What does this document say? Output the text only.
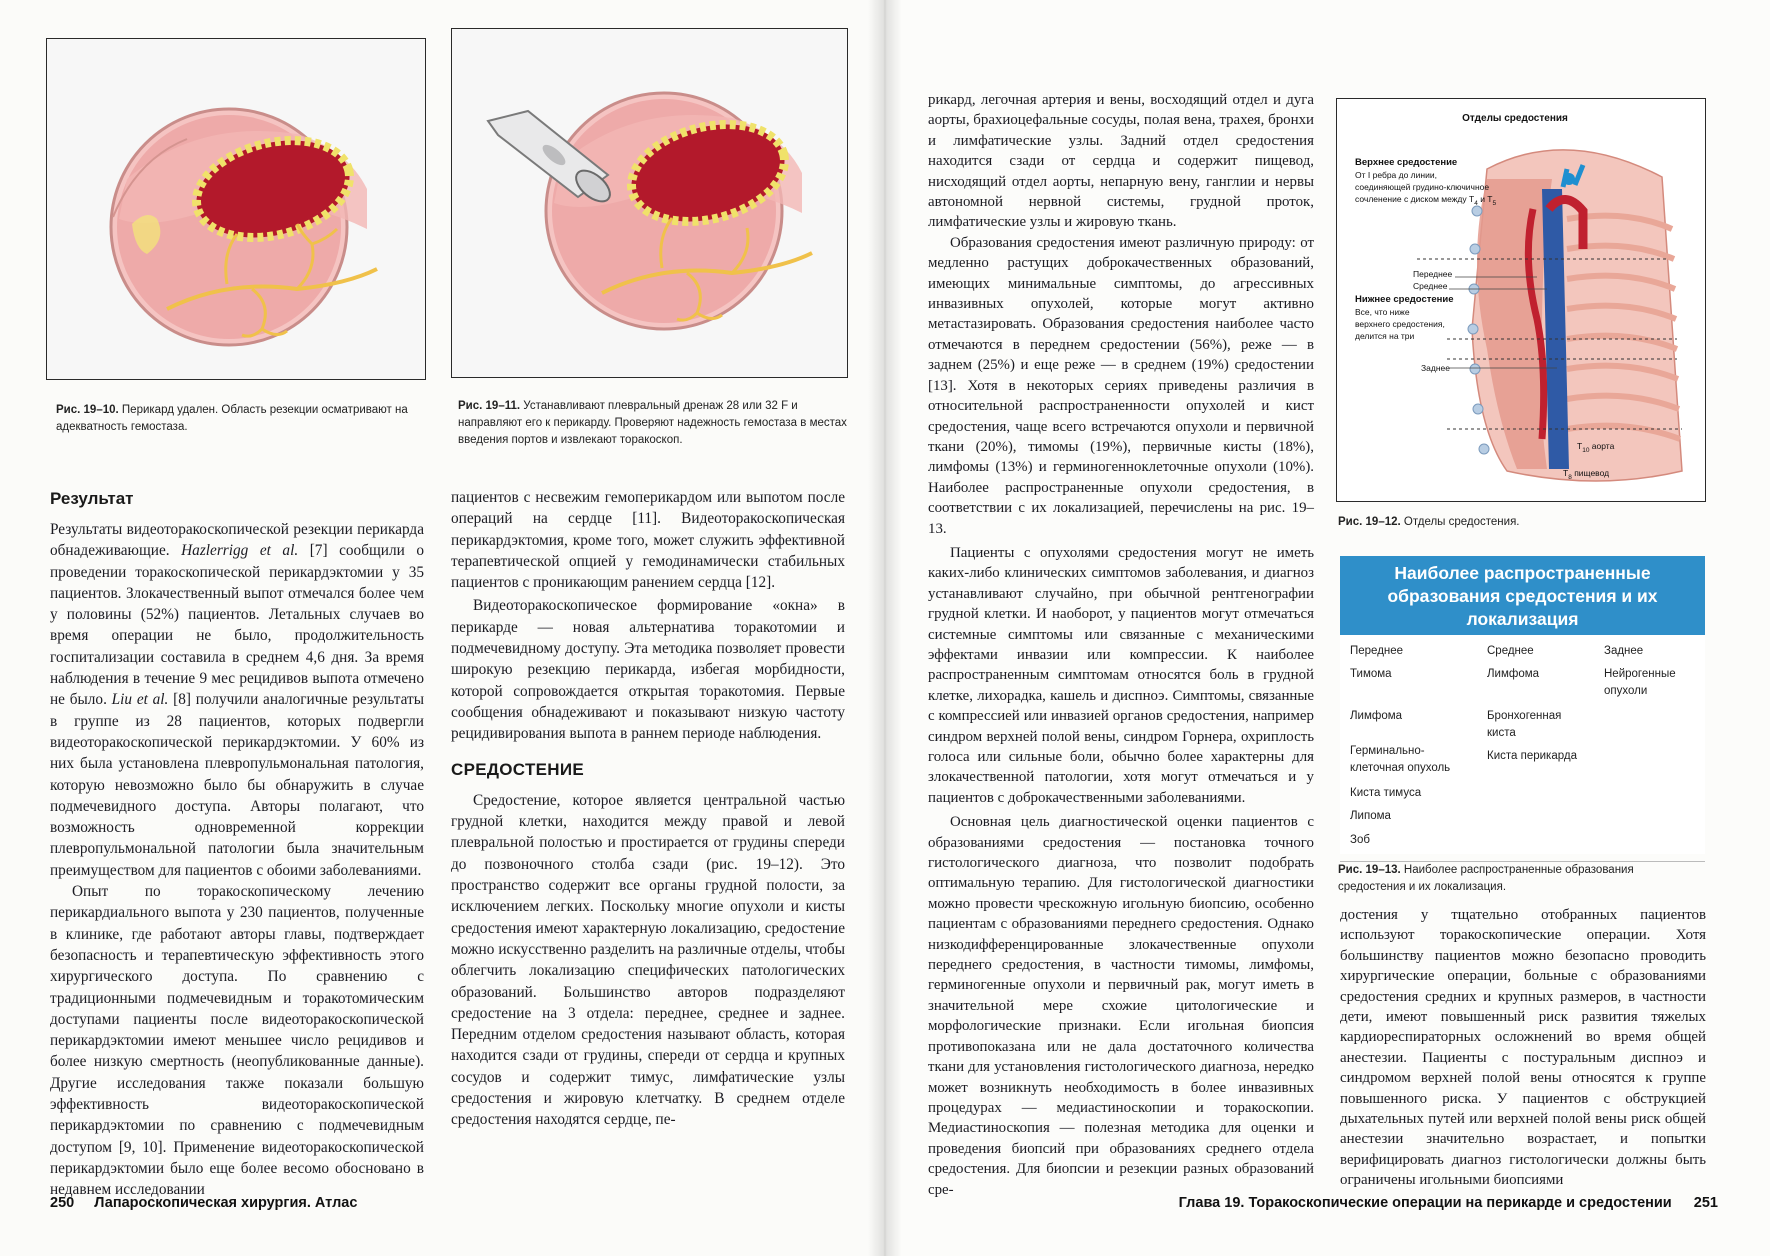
Рис. 19–10. Перикард удален. Область резекции осматривают на адекватность гемостаза.
Рис. 19–11. Устанавливают плевральный дренаж 28 или 32 F и направляют его к перикарду. Проверяют надежность гемостаза в местах введения портов и извлекают торакоскоп.
Результат

Результаты видеоторакоскопической резекции перикарда обнадеживающие. Hazlerrigg et al. [7] сообщили о проведении торакоскопической перикардэктомии у 35 пациентов. Злокачественный выпот отмечался более чем у половины (52%) пациентов. Летальных случаев во время операции не было, продолжительность госпитализации составила в среднем 4,6 дня. За время наблюдения в течение 9 мес рецидивов выпота отмечено не было. Liu et al. [8] получили аналогичные результаты в группе из 28 пациентов, которых подвергли видеоторакоскопической перикардэктомии. У 60% из них была установлена плевропульмональная патология, которую невозможно было бы обнаружить в случае подмечевидного доступа. Авторы полагают, что возможность одновременной коррекции плевропульмональной патологии была значительным преимуществом для пациентов с обоими заболеваниями.

Опыт по торакоскопическому лечению перикардиального выпота у 230 пациентов, полученные в клинике, где работают авторы главы, подтверждает безопасность и терапевтическую эффективность этого хирургического доступа. По сравнению с традиционными подмечевидным и торакотомическим доступами пациенты после видеоторакоскопической перикардэктомии имеют меньшее число рецидивов и более низкую смертность (неопубликованные данные). Другие исследования также показали большую эффективность видеоторакоскопической перикардэктомии по сравнению с подмечевидным доступом [9, 10]. Применение видеоторакоскопической перикардэктомии было еще более весомо обосновано в недавнем исследовании

пациентов с несвежим гемоперикардом или выпотом после операций на сердце [11]. Видеоторакоскопическая перикардэктомия, кроме того, может служить эффективной терапевтической опцией у гемодинамически стабильных пациентов с проникающим ранением сердца [12].

Видеоторакоскопическое формирование «окна» в перикарде — новая альтернатива торакотомии и подмечевидному доступу. Эта методика позволяет провести широкую резекцию перикарда, избегая морбидности, которой сопровождается открытая торакотомия. Первые сообщения обнадеживают и показывают низкую частоту рецидивирования выпота в раннем периоде наблюдения.

СРЕДОСТЕНИЕ

Средостение, которое является центральной частью грудной клетки, находится между правой и левой плевральной полостью и простирается от грудины спереди до позвоночного столба сзади (рис. 19–12). Это пространство содержит все органы грудной полости, за исключением легких. Поскольку многие опухоли и кисты средостения имеют характерную локализацию, средостение можно искусственно разделить на различные отделы, чтобы облегчить локализацию специфических патологических образований. Большинство авторов подразделяют средостение на 3 отдела: переднее, среднее и заднее. Передним отделом средостения называют область, которая находится сзади от грудины, спереди от сердца и крупных сосудов и содержит тимус, лимфатические узлы средостения и жировую клетчатку. В среднем отделе средостения находятся сердце, пе-

250 Лапароскопическая хирургия. Атлас

рикард, легочная артерия и вены, восходящий отдел и дуга аорты, брахиоцефальные сосуды, полая вена, трахея, бронхи и лимфатические узлы. Задний отдел средостения находится сзади от сердца и содержит пищевод, нисходящий отдел аорты, непарную вену, ганглии и нервы автономной нервной системы, грудной проток, лимфатические узлы и жировую ткань.

Образования средостения имеют различную природу: от медленно растущих доброкачественных образований, имеющих минимальные симптомы, до агрессивных инвазивных опухолей, которые могут активно метастазировать. Образования средостения наиболее часто отмечаются в переднем средостении (56%), реже — в заднем (25%) и еще реже — в среднем (19%) средостении [13]. Хотя в некоторых сериях приведены различия в относительной распространенности опухолей и кист средостения, чаще всего встречаются опухоли и первичной ткани (20%), тимомы (19%), первичные кисты (18%), лимфомы (13%) и герминогенноклеточные опухоли (10%). Наиболее распространенные опухоли средостения, в соответствии с их локализацией, перечислены на рис. 19–13.

Пациенты с опухолями средостения могут не иметь каких-либо клинических симптомов заболевания, и диагноз устанавливают случайно, при обычной рентгенографии грудной клетки. И наоборот, у пациентов могут отмечаться системные симптомы или связанные с механическими эффектами инвазии или компрессии. К наиболее распространенным симптомам относятся боль в грудной клетке, лихорадка, кашель и диспноэ. Симптомы, связанные с компрессией или инвазией органов средостения, например синдром верхней полой вены, синдром Горнера, охриплость голоса или сильные боли, обычно более характерны для злокачественной патологии, хотя могут отмечаться и у пациентов с доброкачественными заболеваниями.

Основная цель диагностической оценки пациентов с образованиями средостения — постановка точного гистологического диагноза, что позволит подобрать оптимальную терапию. Для гистологической диагностики можно провести чрескожную игольную биопсию, особенно пациентам с образованиями переднего средостения. Однако низкодифференцированные злокачественные опухоли переднего средостения, в частности тимомы, лимфомы, герминогенные опухоли и первичный рак, могут иметь в значительной мере схожие цитологические и морфологические признаки. Если игольная биопсия противопоказана или не дала достаточного количества ткани для установления гистологического диагноза, нередко может возникнуть необходимость в более инвазивных процедурах — медиастиноскопии и торакоскопии. Медиастиноскопия — полезная методика для оценки и проведения биопсий при образованиях среднего отдела средостения. Для биопсии и резекции разных образований сре-

Отделы средостения
Верхнее средостение
От I ребра до линии,
соединяющей грудино-ключичное
сочленение с диском между $T_4$ и $T_5$
Переднее
Среднее
Нижнее средостение
Все, что ниже
верхнего средостения,
делится на три
Заднее
$T_{10}$ аорта
$T_8$ пищевод
Рис. 19–12. Отделы средостения.
Наиболее распространенные образования средостения и их локализация
Переднее	Среднее	Заднее
Тимома
Лимфома
Герминально-клеточная опухоль
Киста тимуса
Липома
Зоб
Лимфома
Бронхогенная киста
Киста перикарда
Нейрогенные опухоли
Рис. 19–13. Наиболее распространенные образования средостения и их локализация.

достения у тщательно отобранных пациентов используют торакоскопические операции. Хотя большинству пациентов можно безопасно проводить хирургические операции, больные с образованиями средостения средних и крупных размеров, в частности дети, имеют повышенный риск развития тяжелых кардиореспираторных осложнений во время общей анестезии. Пациенты с постуральным диспноэ и синдромом верхней полой вены относятся к группе повышенного риска. У пациентов с обструкцией дыхательных путей или верхней полой вены риск общей анестезии значительно возрастает, и попытки верифицировать диагноз гистологически должны быть ограничены игольными биопсиями

Глава 19. Торакоскопические операции на перикарде и средостении 251
